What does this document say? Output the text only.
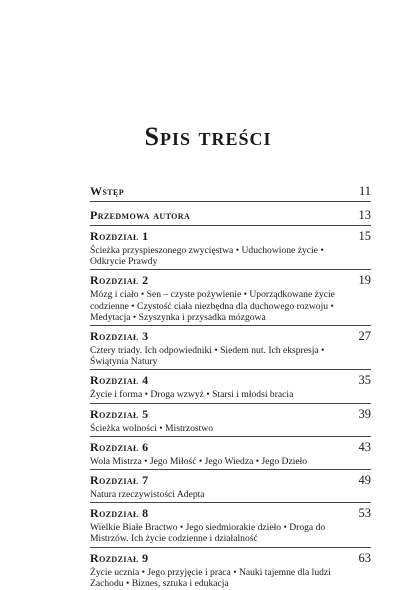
Spis treści
Wstęp	11
Przedmowa autora	13
Rozdział 1	15
Ścieżka przyspieszonego zwycięstwa • Uduchowione życie • Odkrycie Prawdy
Rozdział 2	19
Mózg i ciało • Sen – czyste pożywienie • Uporządkowane życie codzienne • Czystość ciała niezbędna dla duchowego rozwoju • Medytacja • Szyszynka i przysadka mózgowa
Rozdział 3	27
Cztery triady. Ich odpowiedniki • Siedem nut. Ich ekspresja • Świątynia Natury
Rozdział 4	35
Życie i forma • Droga wzwyż • Starsi i młodsi bracia
Rozdział 5	39
Ścieżka wolności • Mistrzostwo
Rozdział 6	43
Wola Mistrza • Jego Miłość • Jego Wiedza • Jego Dzieło
Rozdział 7	49
Natura rzeczywistości Adepta
Rozdział 8	53
Wielkie Białe Bractwo • Jego siedmiorakie dzieło • Droga do Mistrzów. Ich życie codzienne i działalność
Rozdział 9	63
Życie ucznia • Jego przyjęcie i praca • Nauki tajemne dla ludzi Zachodu • Biznes, sztuka i edukacja
